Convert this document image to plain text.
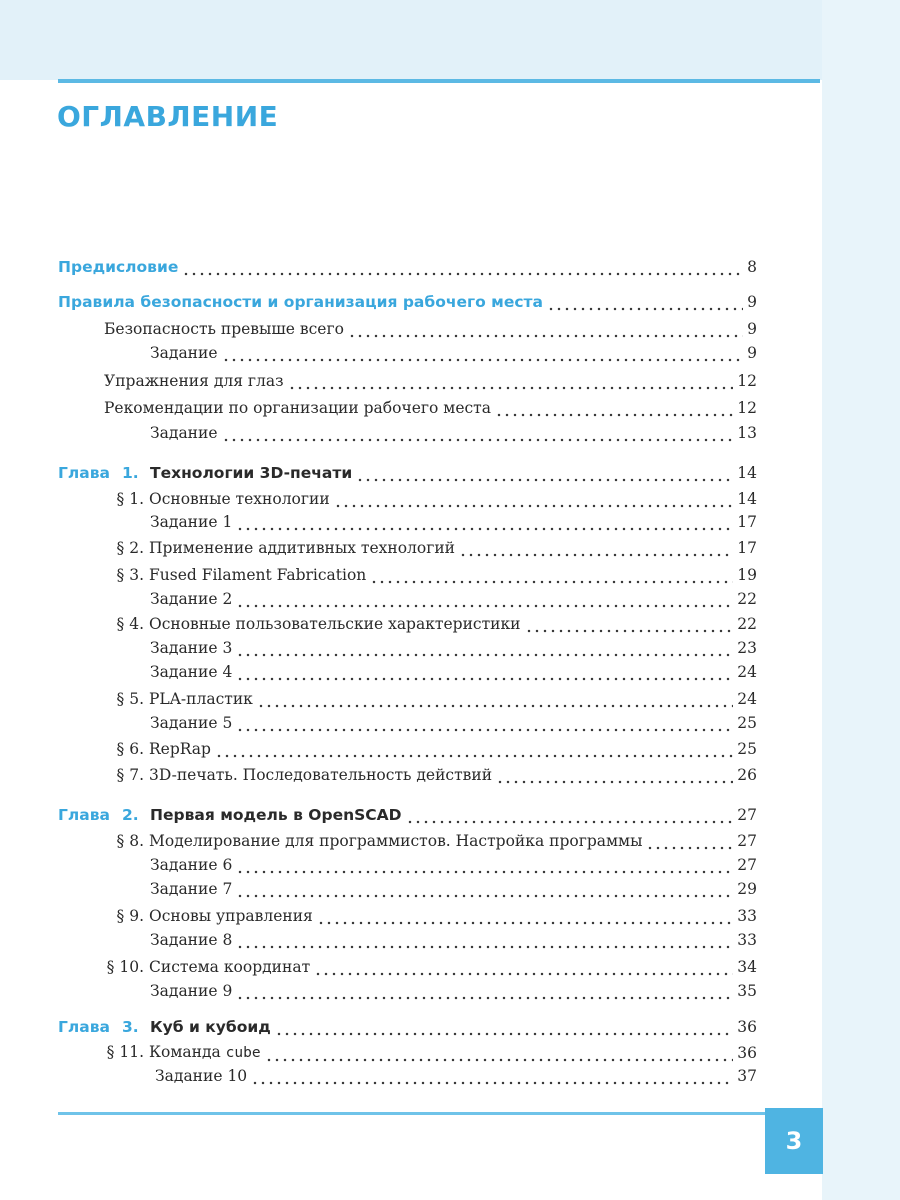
ОГЛАВЛЕНИЕ
Предисловие	8
Правила безопасности и организация рабочего места	9
Безопасность превыше всего	9
Задание	9
Упражнения для глаз	12
Рекомендации по организации рабочего места	12
Задание	13
Глава 1. Технологии 3D-печати	14
§ 1. Основные технологии	14
Задание 1	17
§ 2. Применение аддитивных технологий	17
§ 3. Fused Filament Fabrication	19
Задание 2	22
§ 4. Основные пользовательские характеристики	22
Задание 3	23
Задание 4	24
§ 5. PLA-пластик	24
Задание 5	25
§ 6. RepRap	25
§ 7. 3D-печать. Последовательность действий	26
Глава 2. Первая модель в OpenSCAD	27
§ 8. Моделирование для программистов. Настройка программы	27
Задание 6	27
Задание 7	29
§ 9. Основы управления	33
Задание 8	33
§ 10. Система координат	34
Задание 9	35
Глава 3. Куб и кубоид	36
§ 11. Команда cube	36
Задание 10	37
3
